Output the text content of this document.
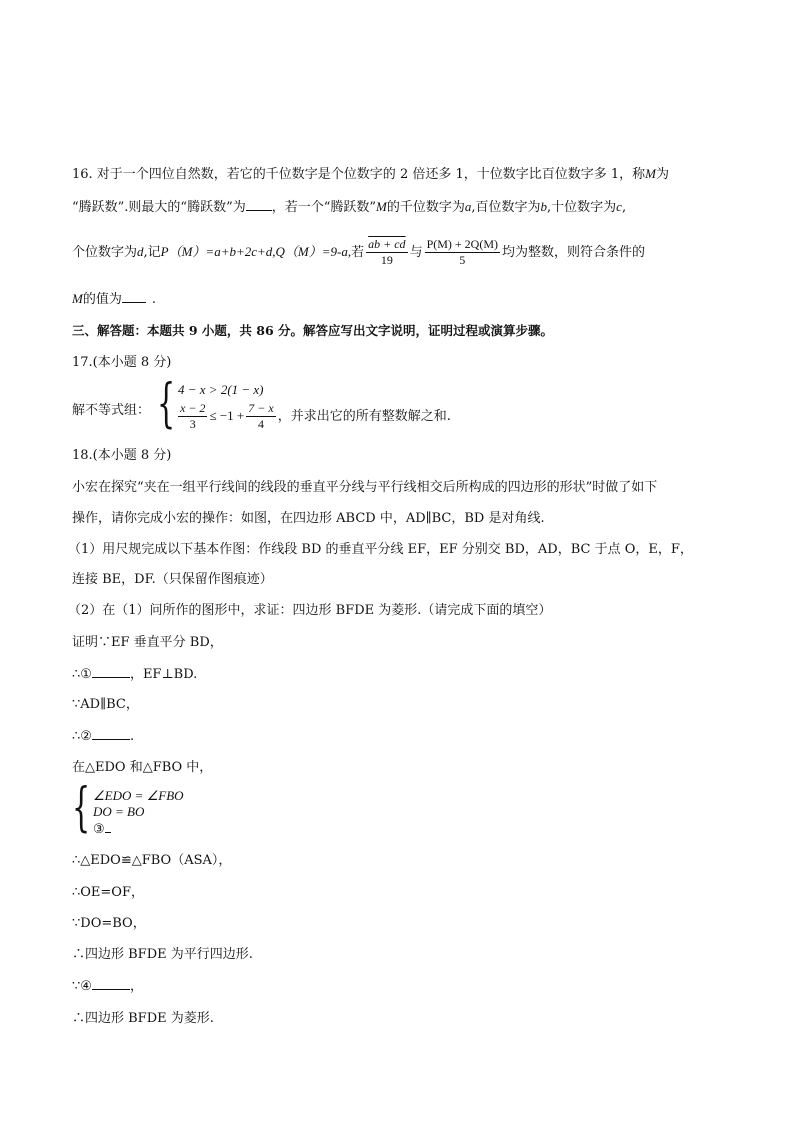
16. 对于一个四位自然数，若它的千位数字是个位数字的 2 倍还多 1，十位数字比百位数字多 1，称M为
“腾跃数”.则最大的“腾跃数”为 ，若一个“腾跃数”M的千位数字为a,百位数字为b,十位数字为c,
个位数字为d,记P（M）=a+b+2c+d,Q（M）=9-a,若 $\frac{ab + cd}{19}$ 与 $\frac{P(M) + 2Q(M)}{5}$ 均为整数，则符合条件的
M的值为 .
三、解答题：本题共 9 小题，共 86 分。解答应写出文字说明，证明过程或演算步骤。
17.(本小题 8 分)
解不等式组： { 4 − x > 2(1 − x)
$\frac{x - 2}{3} \le -1 + \frac{7 - x}{4}$ ，并求出它的所有整数解之和.
18.(本小题 8 分)
小宏在探究“夹在一组平行线间的线段的垂直平分线与平行线相交后所构成的四边形的形状”时做了如下
操作，请你完成小宏的操作：如图，在四边形 ABCD 中，AD∥BC，BD 是对角线.
（1）用尺规完成以下基本作图：作线段 BD 的垂直平分线 EF，EF 分别交 BD，AD，BC 于点 O，E，F，
连接 BE，DF.（只保留作图痕迹）
（2）在（1）问所作的图形中，求证：四边形 BFDE 为菱形.（请完成下面的填空）
证明∵EF 垂直平分 BD，
∴①	，EF⊥BD.
∵AD∥BC，
∴②	.
在△EDO 和△FBO 中，
{ ∠EDO = ∠FBO
DO = BO
③
∴△EDO≌△FBO（ASA），
∴OE=OF，
∵DO=BO，
∴四边形 BFDE 为平行四边形.
∵④	，
∴四边形 BFDE 为菱形.
